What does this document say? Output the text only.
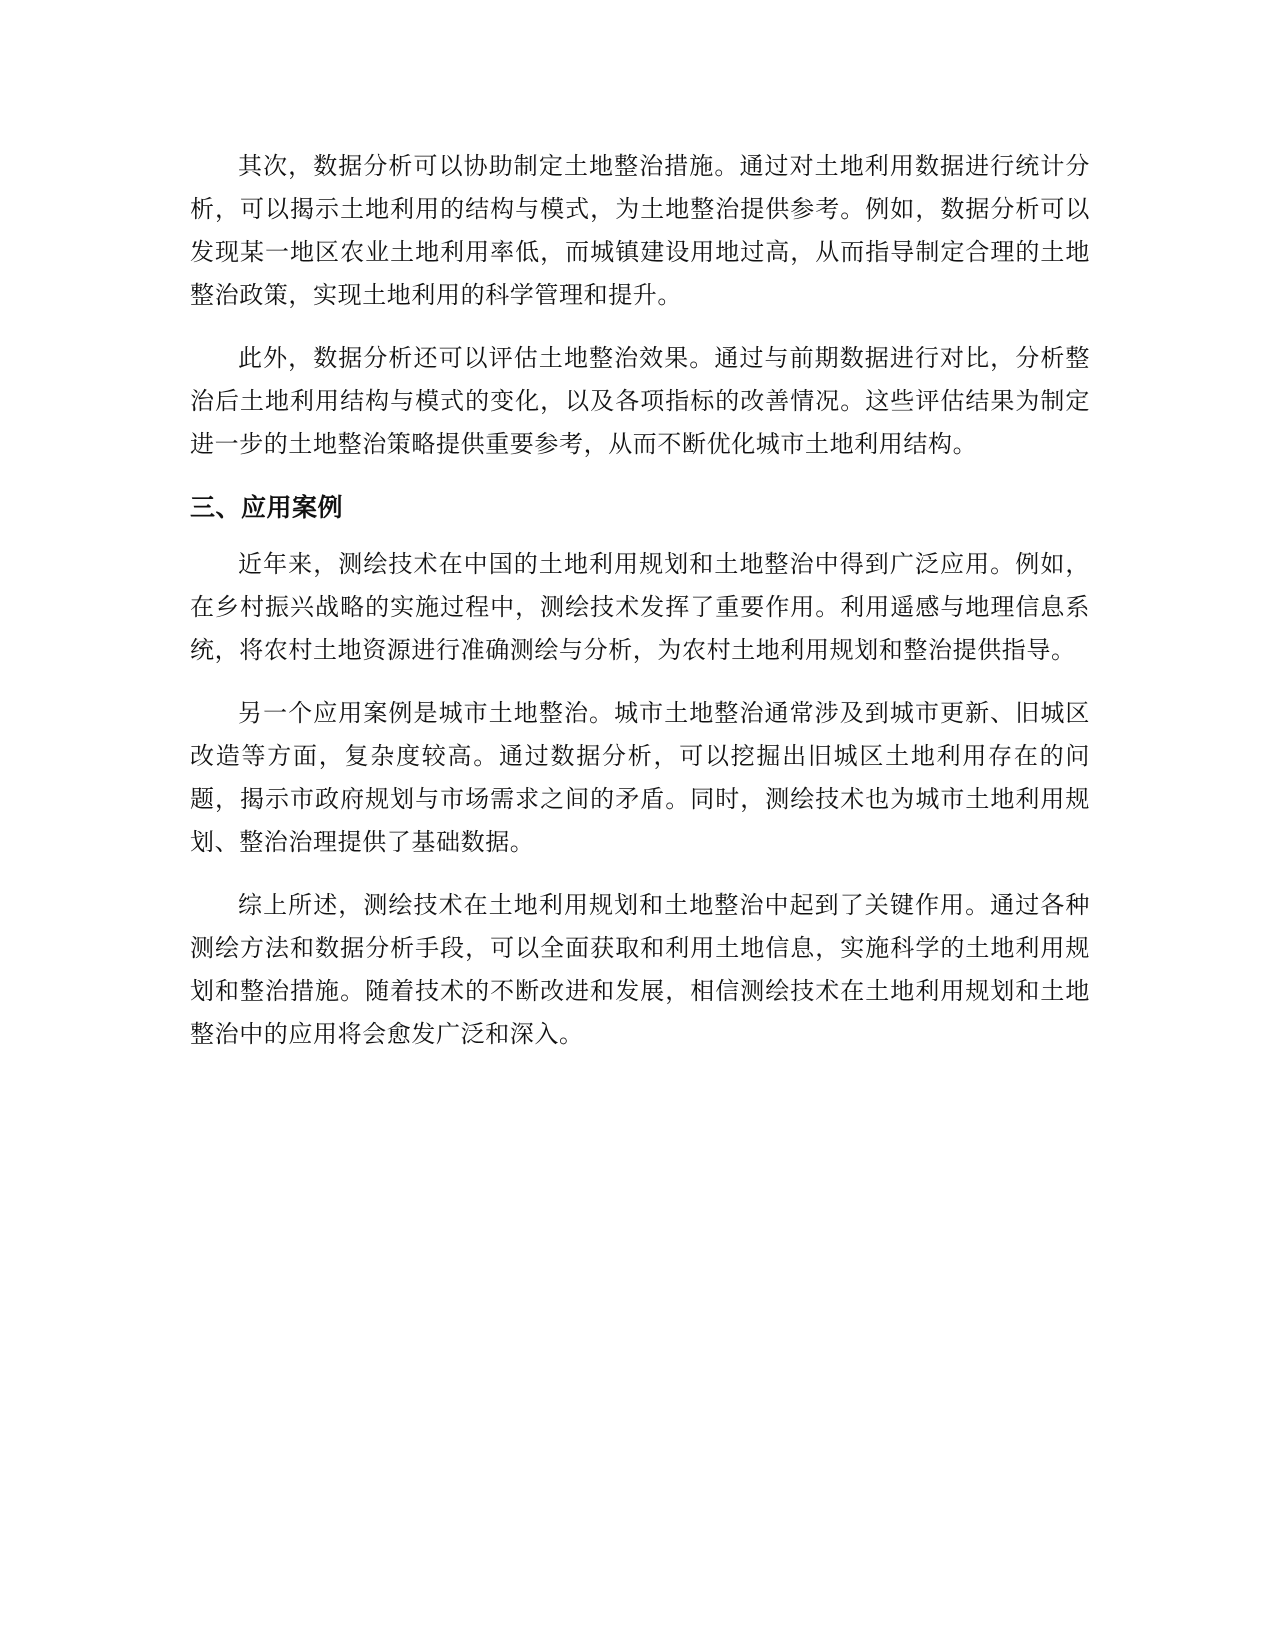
其次，数据分析可以协助制定土地整治措施。通过对土地利用数据进行统计分析，可以揭示土地利用的结构与模式，为土地整治提供参考。例如，数据分析可以发现某一地区农业土地利用率低，而城镇建设用地过高，从而指导制定合理的土地整治政策，实现土地利用的科学管理和提升。

此外，数据分析还可以评估土地整治效果。通过与前期数据进行对比，分析整治后土地利用结构与模式的变化，以及各项指标的改善情况。这些评估结果为制定进一步的土地整治策略提供重要参考，从而不断优化城市土地利用结构。

三、应用案例

近年来，测绘技术在中国的土地利用规划和土地整治中得到广泛应用。例如，在乡村振兴战略的实施过程中，测绘技术发挥了重要作用。利用遥感与地理信息系统，将农村土地资源进行准确测绘与分析，为农村土地利用规划和整治提供指导。

另一个应用案例是城市土地整治。城市土地整治通常涉及到城市更新、旧城区改造等方面，复杂度较高。通过数据分析，可以挖掘出旧城区土地利用存在的问题，揭示市政府规划与市场需求之间的矛盾。同时，测绘技术也为城市土地利用规划、整治治理提供了基础数据。

综上所述，测绘技术在土地利用规划和土地整治中起到了关键作用。通过各种测绘方法和数据分析手段，可以全面获取和利用土地信息，实施科学的土地利用规划和整治措施。随着技术的不断改进和发展，相信测绘技术在土地利用规划和土地整治中的应用将会愈发广泛和深入。
